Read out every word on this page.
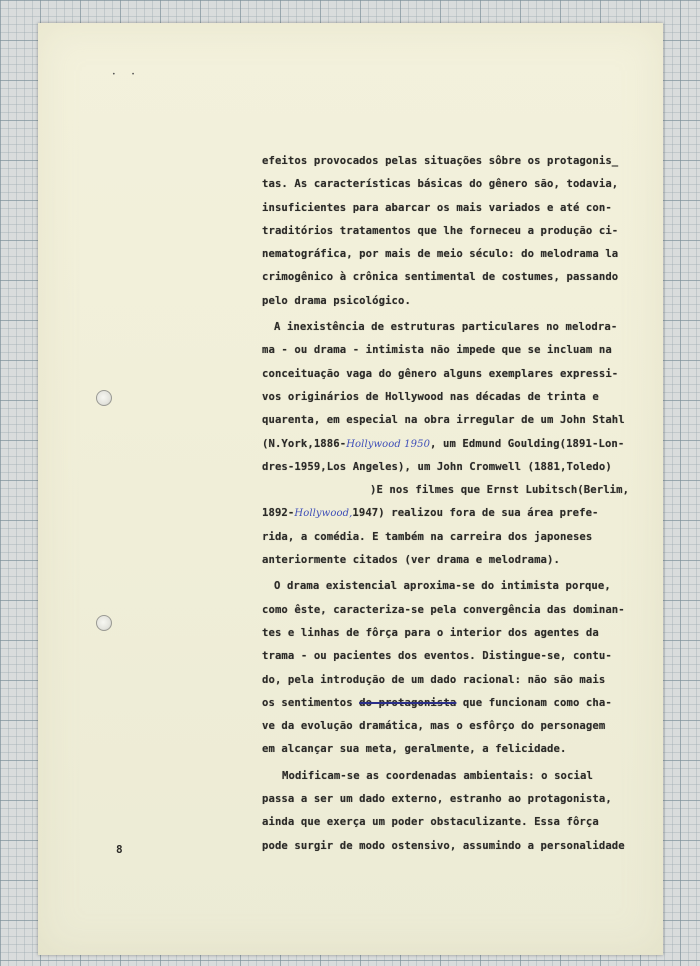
• •
efeitos provocados pelas situações sôbre os protagonis_
tas. As características básicas do gênero são, todavia,
insuficientes para abarcar os mais variados e até con-
traditórios tratamentos que lhe forneceu a produção ci-
nematográfica, por mais de meio século: do melodrama la
crimogênico à crônica sentimental de costumes, passando
pelo drama psicológico.
A inexistência de estruturas particulares no melodra-
ma - ou drama - intimista não impede que se incluam na
conceituação vaga do gênero alguns exemplares expressi-
vos originários de Hollywood nas décadas de trinta e
quarenta, em especial na obra irregular de um John Stahl
(N.York,1886-Hollywood 1950, um Edmund Goulding(1891-Lon-
dres-1959,Los Angeles), um John Cromwell (1881,Toledo)
)E nos filmes que Ernst Lubitsch(Berlim,
1892-Hollywood,1947) realizou fora de sua área prefe-
rida, a comédia. E também na carreira dos japoneses
anteriormente citados (ver drama e melodrama).
O drama existencial aproxima-se do intimista porque,
como êste, caracteriza-se pela convergência das dominan-
tes e linhas de fôrça para o interior dos agentes da
trama - ou pacientes dos eventos. Distingue-se, contu-
do, pela introdução de um dado racional: não são mais
os sentimentos do protagonista que funcionam como cha-
ve da evolução dramática, mas o esfôrço do personagem
em alcançar sua meta, geralmente, a felicidade.
Modificam-se as coordenadas ambientais: o social
passa a ser um dado externo, estranho ao protagonista,
ainda que exerça um poder obstaculizante. Essa fôrça
pode surgir de modo ostensivo, assumindo a personalidade
8
